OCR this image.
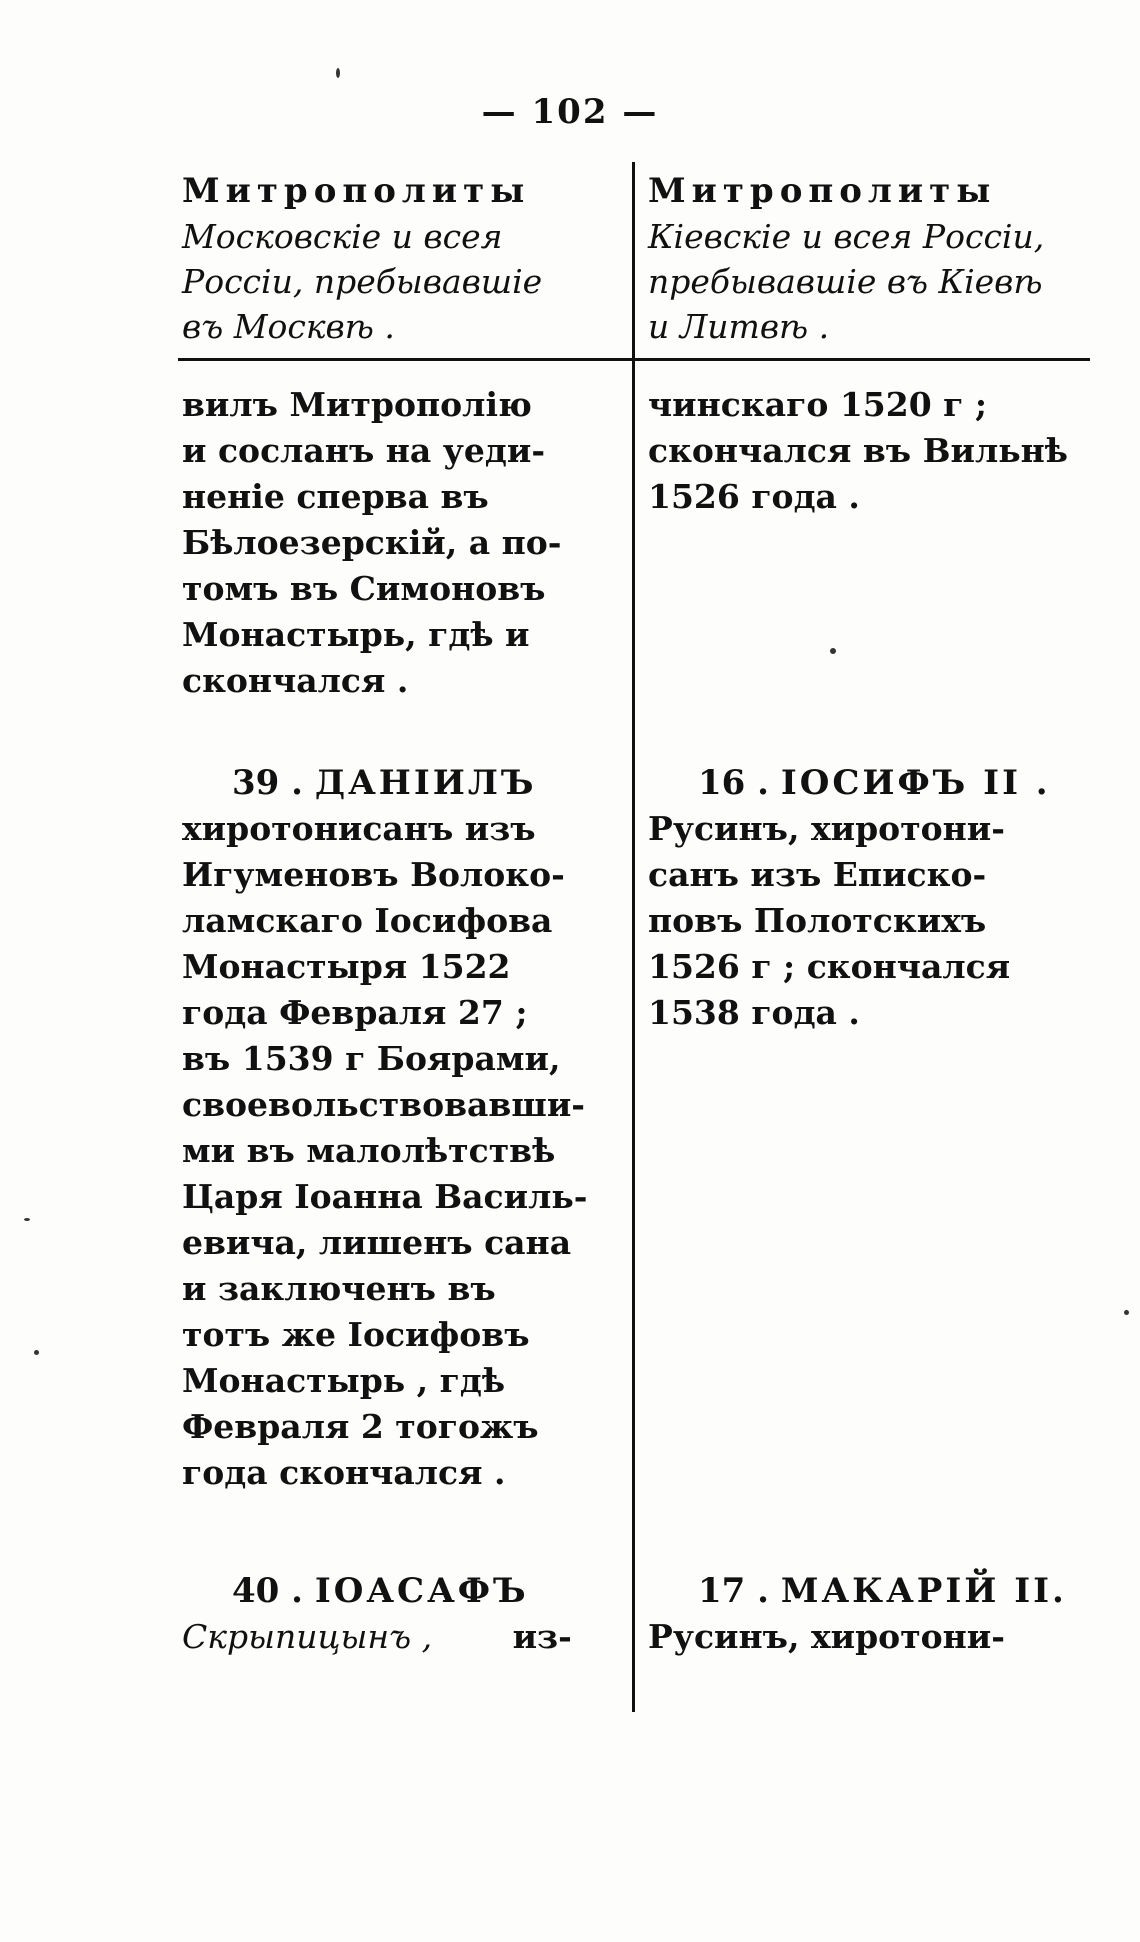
— 102 —
Митрополиты
Московскіе и всея
Россіи, пребывавшіе
въ Москвѣ .
Митрополиты
Кіевскіе и всея Россіи,
пребывавшіе въ Кіевѣ
и Литвѣ .
вилъ Митрополію
и сосланъ на уеди-
неніе сперва въ
Бѣлоезерскій, а по-
томъ въ Симоновъ
Монастырь, гдѣ и
скончался .
чинскаго 1520 г ;
скончался въ Вильнѣ
1526 года .
39 . ДАНІИЛЪ
хиротонисанъ изъ
Игуменовъ Волоко-
ламскаго Іосифова
Монастыря 1522
года Февраля 27 ;
въ 1539 г Боярами,
своевольствовавши-
ми въ малолѣтствѣ
Царя Іоанна Василь-
евича, лишенъ сана
и заключенъ въ
тотъ же Іосифовъ
Монастырь , гдѣ
Февраля 2 тогожъ
года скончался .
16 . ІОСИФЪ II .
Русинъ, хиротони-
санъ изъ Еписко-
повъ Полотскихъ
1526 г ; скончался
1538 года .
40 . ІОАСАФЪ
Скрыпицынъ , из-
17 . МАКАРІЙ II.
Русинъ, хиротони-
